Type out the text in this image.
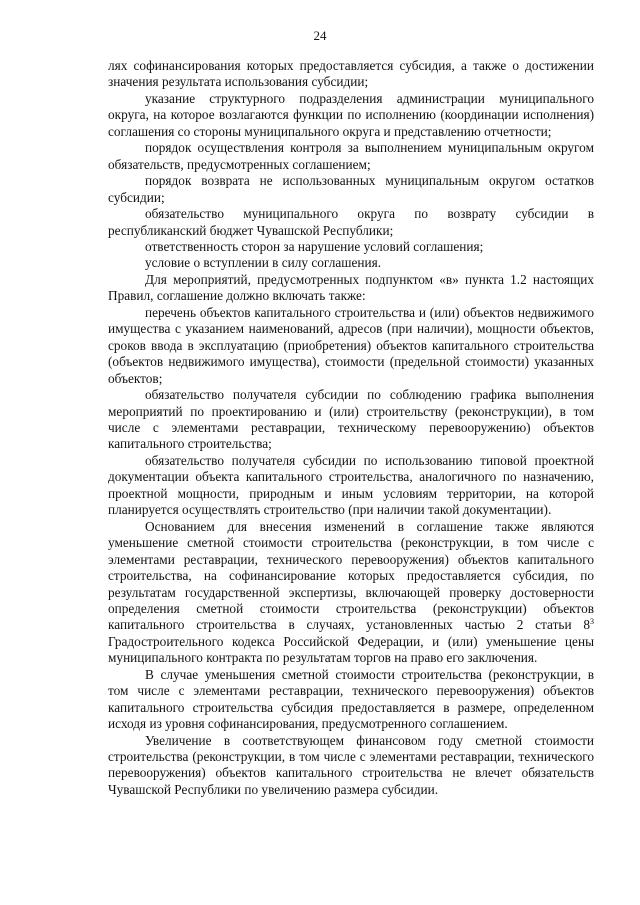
24

лях софинансирования которых предоставляется субсидия, а также о достижении значения результата использования субсидии;

указание структурного подразделения администрации муниципального округа, на которое возлагаются функции по исполнению (координации исполнения) соглашения со стороны муниципального округа и представлению отчетности;

порядок осуществления контроля за выполнением муниципальным округом обязательств, предусмотренных соглашением;

порядок возврата не использованных муниципальным округом остатков субсидии;

обязательство муниципального округа по возврату субсидии в республиканский бюджет Чувашской Республики;

ответственность сторон за нарушение условий соглашения;

условие о вступлении в силу соглашения.

Для мероприятий, предусмотренных подпунктом «в» пункта 1.2 настоящих Правил, соглашение должно включать также:

перечень объектов капитального строительства и (или) объектов недвижимого имущества с указанием наименований, адресов (при наличии), мощности объектов, сроков ввода в эксплуатацию (приобретения) объектов капитального строительства (объектов недвижимого имущества), стоимости (предельной стоимости) указанных объектов;

обязательство получателя субсидии по соблюдению графика выполнения мероприятий по проектированию и (или) строительству (реконструкции), в том числе с элементами реставрации, техническому перевооружению) объектов капитального строительства;

обязательство получателя субсидии по использованию типовой проектной документации объекта капитального строительства, аналогичного по назначению, проектной мощности, природным и иным условиям территории, на которой планируется осуществлять строительство (при наличии такой документации).

Основанием для внесения изменений в соглашение также являются уменьшение сметной стоимости строительства (реконструкции, в том числе с элементами реставрации, технического перевооружения) объектов капитального строительства, на софинансирование которых предоставляется субсидия, по результатам государственной экспертизы, включающей проверку достоверности определения сметной стоимости строительства (реконструкции) объектов капитального строительства в случаях, установленных частью 2 статьи $8^3$ Градостроительного кодекса Российской Федерации, и (или) уменьшение цены муниципального контракта по результатам торгов на право его заключения.

В случае уменьшения сметной стоимости строительства (реконструкции, в том числе с элементами реставрации, технического перевооружения) объектов капитального строительства субсидия предоставляется в размере, определенном исходя из уровня софинансирования, предусмотренного соглашением.

Увеличение в соответствующем финансовом году сметной стоимости строительства (реконструкции, в том числе с элементами реставрации, технического перевооружения) объектов капитального строительства не влечет обязательств Чувашской Республики по увеличению размера субсидии.
